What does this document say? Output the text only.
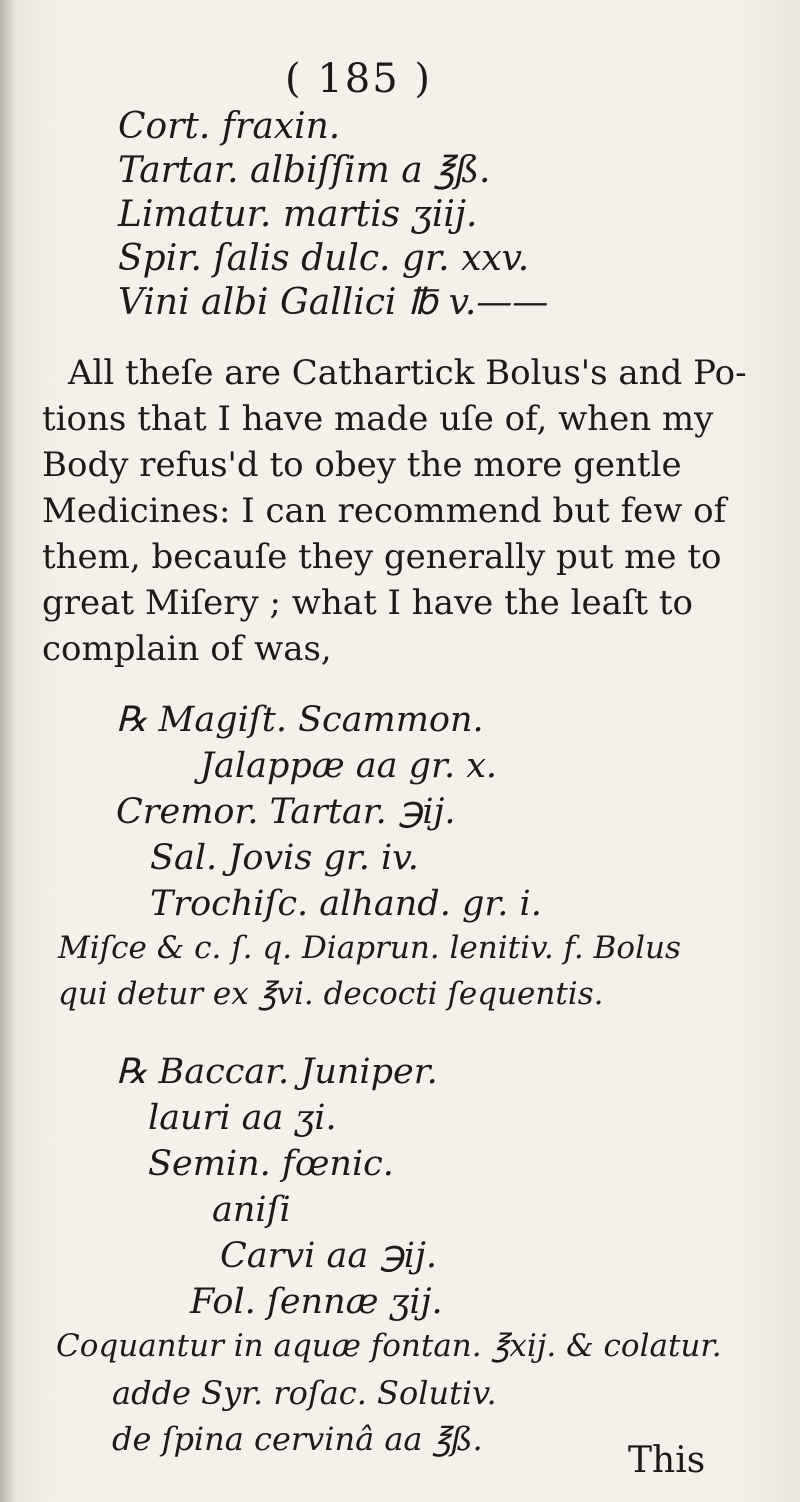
( 185 )
Cort. fraxin.
Tartar. albiſſim a ℥ß.
Limatur. martis ʒiij.
Spir. ſalis dulc. gr. xxv.
Vini albi Gallici ℔ v.——
All theſe are Cathartick Bolus's and Po-
tions that I have made uſe of, when my
Body refus'd to obey the more gentle
Medicines: I can recommend but few of
them, becauſe they generally put me to
great Miſery ; what I have the leaſt to
complain of was,
℞ Magiſt. Scammon.
Jalappæ aa gr. x.
Cremor. Tartar. ℈ij.
Sal. Jovis gr. iv.
Trochiſc. alhand. gr. i.
Miſce & c. ſ. q. Diaprun. lenitiv. f. Bolus
qui detur ex ℥vi. decocti ſequentis.
℞ Baccar. Juniper.
lauri aa ʒi.
Semin. fœnic.
aniſi
Carvi aa ℈ij.
Fol. ſennæ ʒij.
Coquantur in aquæ fontan. ℥xij. & colatur.
adde Syr. roſac. Solutiv.
de ſpina cervinâ aa ℥ß.
This
